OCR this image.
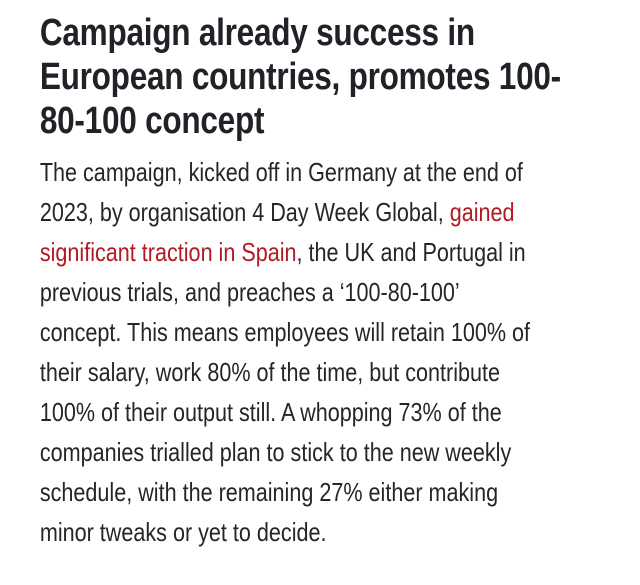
Campaign already success in
European countries, promotes 100-
80-100 concept

The campaign, kicked off in Germany at the end of
2023, by organisation 4 Day Week Global, gained
significant traction in Spain, the UK and Portugal in
previous trials, and preaches a ‘100-80-100’
concept. This means employees will retain 100% of
their salary, work 80% of the time, but contribute
100% of their output still. A whopping 73% of the
companies trialled plan to stick to the new weekly
schedule, with the remaining 27% either making
minor tweaks or yet to decide.
